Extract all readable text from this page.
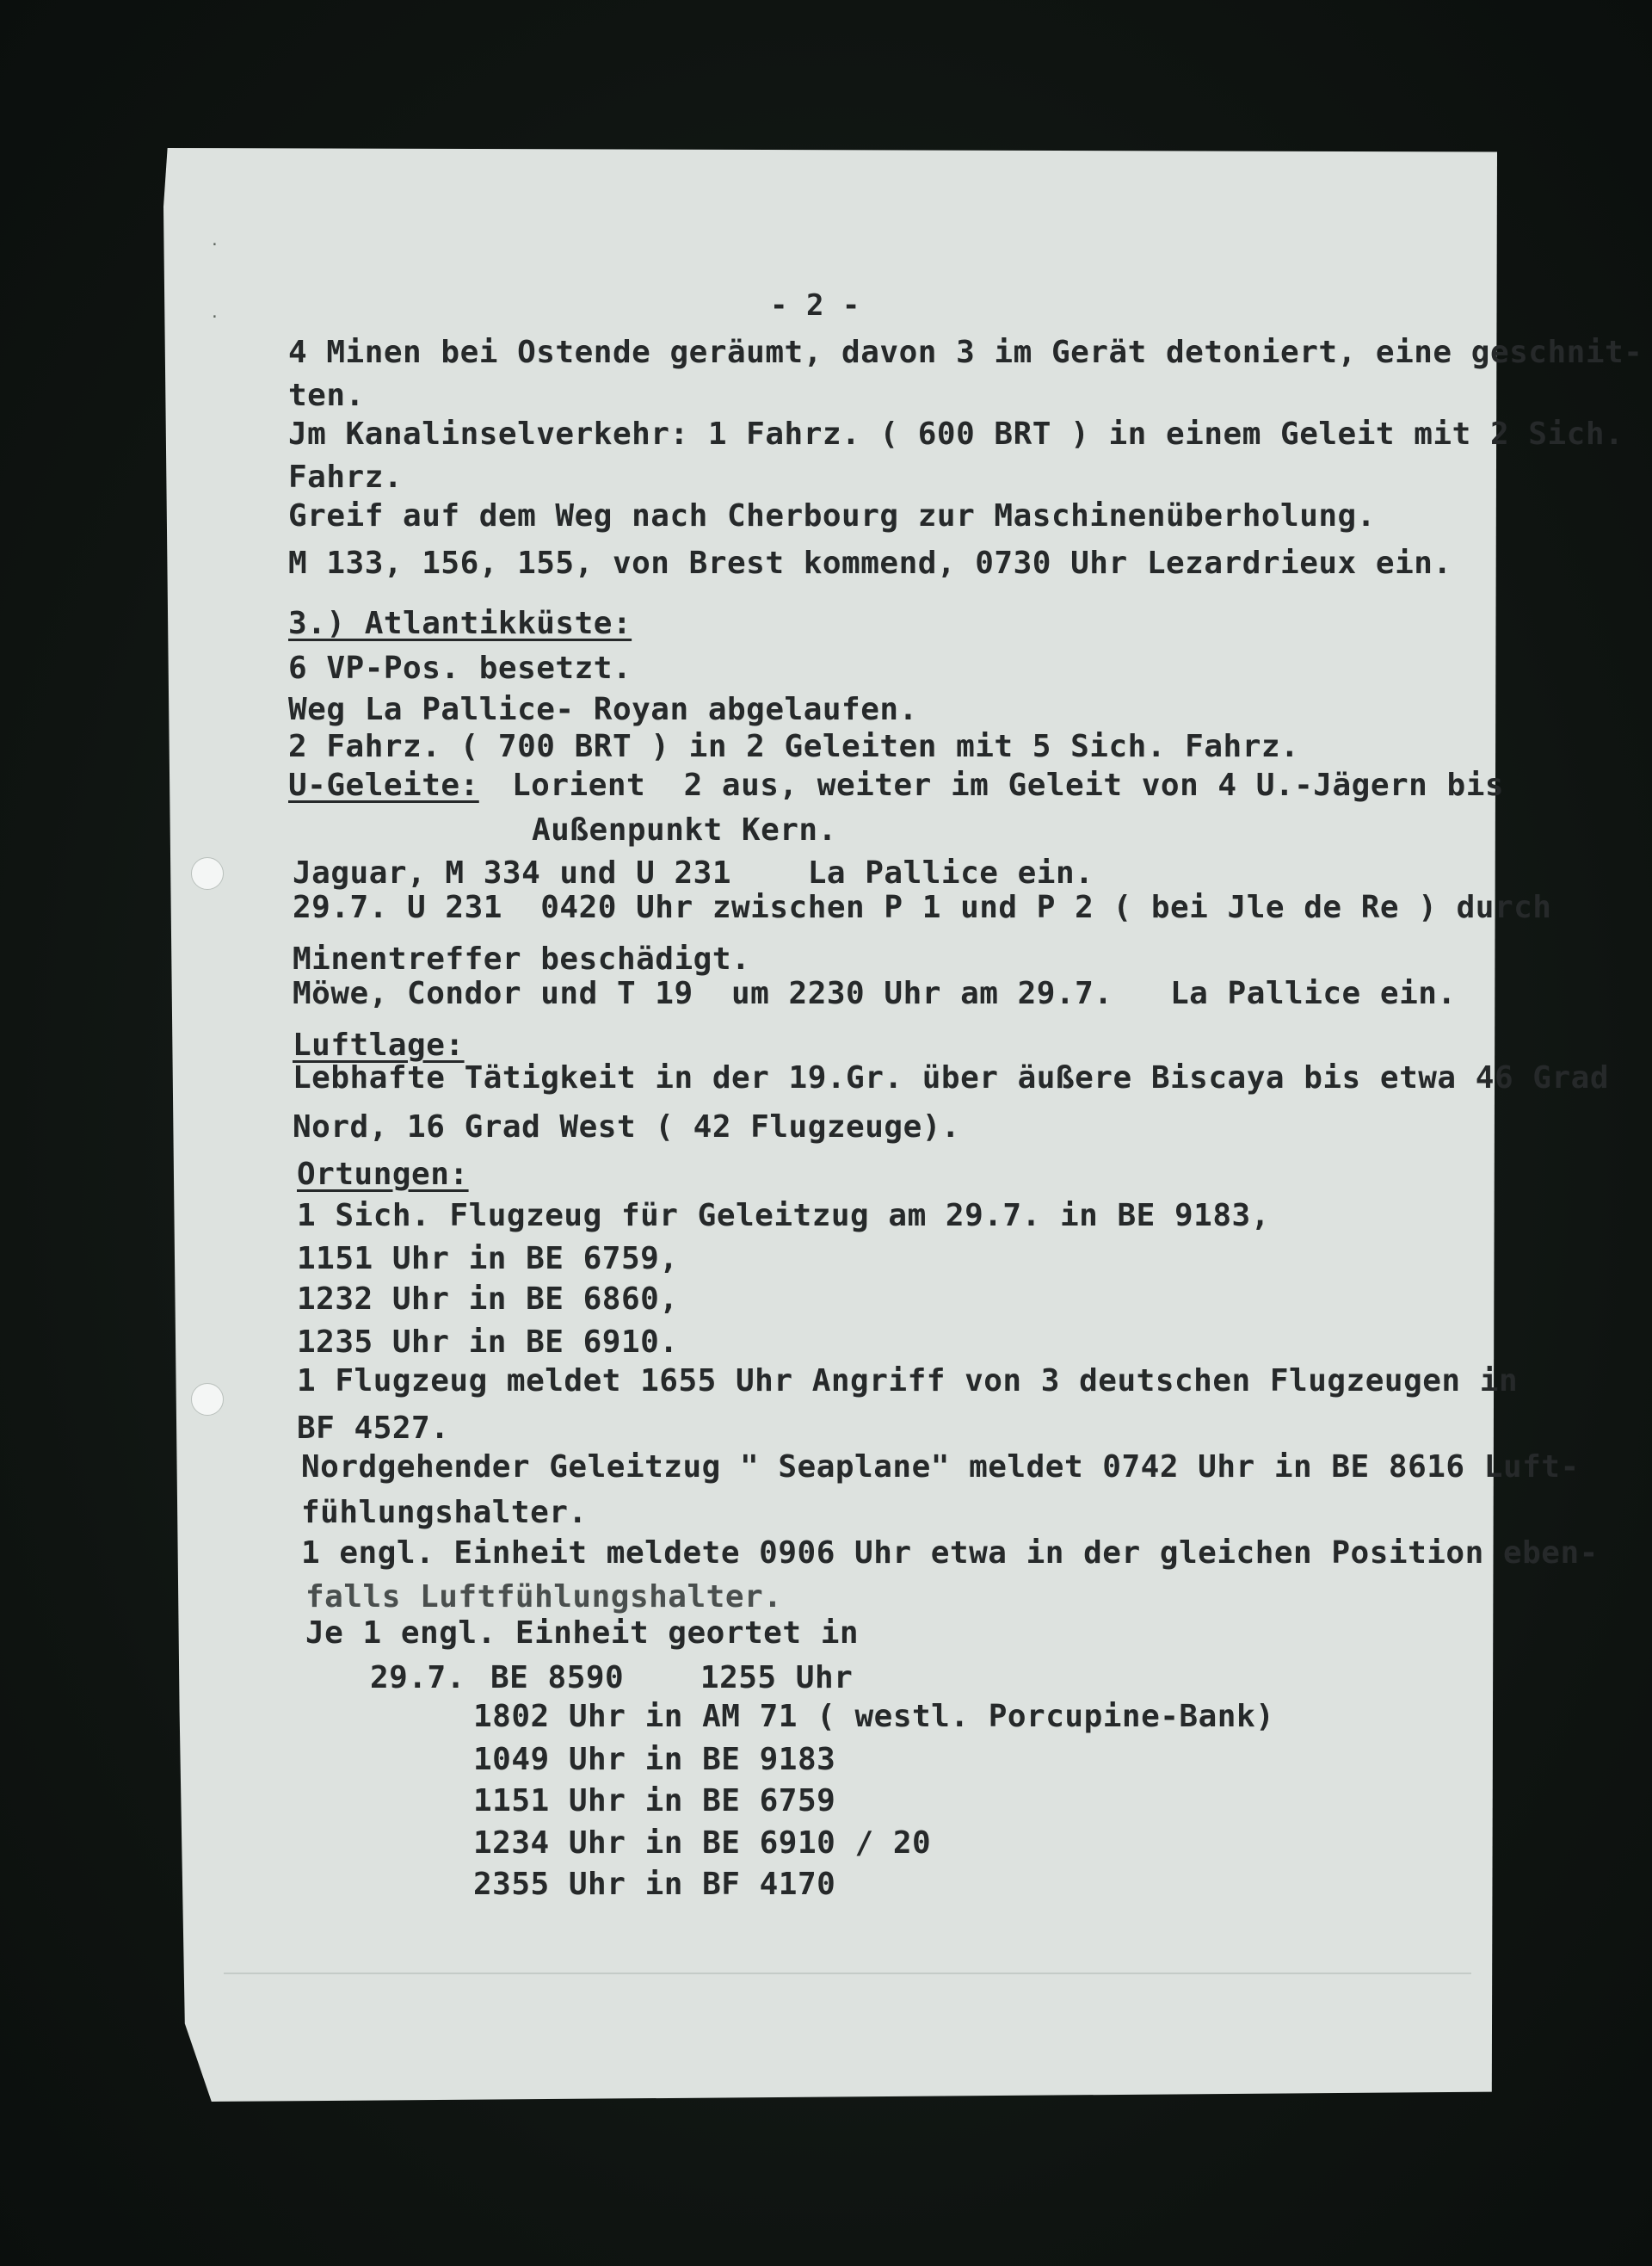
·
·	- 2 -
4 Minen bei Ostende geräumt, davon 3 im Gerät detoniert, eine geschnit-
ten.
Jm Kanalinselverkehr: 1 Fahrz. ( 600 BRT ) in einem Geleit mit 2 Sich.
Fahrz.
Greif auf dem Weg nach Cherbourg zur Maschinenüberholung.
M 133, 156, 155, von Brest kommend, 0730 Uhr Lezardrieux ein.
3.) Atlantikküste:
6 VP-Pos. besetzt.
Weg La Pallice- Royan abgelaufen.
2 Fahrz. ( 700 BRT ) in 2 Geleiten mit 5 Sich. Fahrz.
U-Geleite: Lorient  2 aus, weiter im Geleit von 4 U.-Jägern bis
Außenpunkt Kern.
Jaguar, M 334 und U 231    La Pallice ein.
29.7. U 231  0420 Uhr zwischen P 1 und P 2 ( bei Jle de Re ) durch
Minentreffer beschädigt.
Möwe, Condor und T 19  um 2230 Uhr am 29.7.   La Pallice ein.
Luftlage:
Lebhafte Tätigkeit in der 19.Gr. über äußere Biscaya bis etwa 46 Grad
Nord, 16 Grad West ( 42 Flugzeuge).
Ortungen:
1 Sich. Flugzeug für Geleitzug am 29.7. in BE 9183,
1151 Uhr in BE 6759,
1232 Uhr in BE 6860,
1235 Uhr in BE 6910.
1 Flugzeug meldet 1655 Uhr Angriff von 3 deutschen Flugzeugen in
BF 4527.
Nordgehender Geleitzug " Seaplane" meldet 0742 Uhr in BE 8616 Luft-
fühlungshalter.
1 engl. Einheit meldete 0906 Uhr etwa in der gleichen Position eben-
falls Luftfühlungshalter.
Je 1 engl. Einheit geortet in
29.7. BE 8590    1255 Uhr
1802 Uhr in AM 71 ( westl. Porcupine-Bank)
1049 Uhr in BE 9183
1151 Uhr in BE 6759
1234 Uhr in BE 6910 / 20
2355 Uhr in BF 4170
